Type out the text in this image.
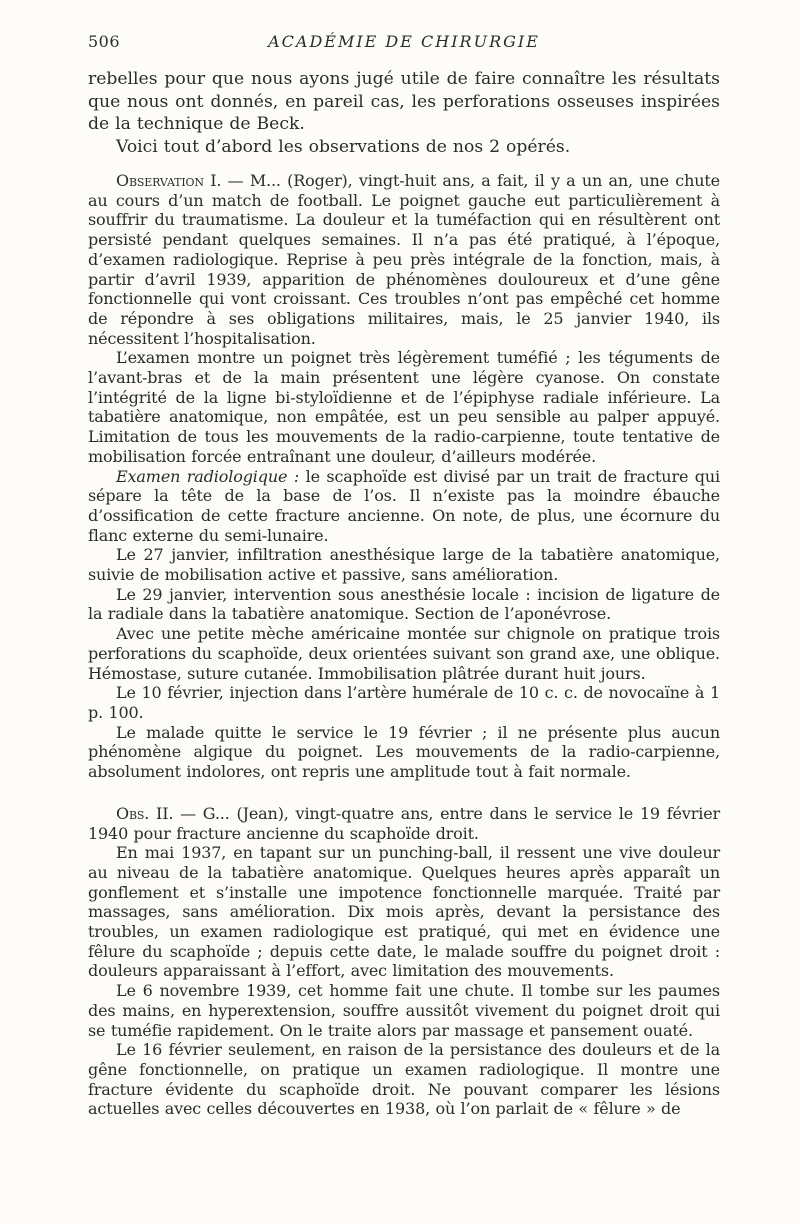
506	ACADÉMIE DE CHIRURGIE

rebelles pour que nous ayons jugé utile de faire connaître les résultats que nous ont donnés, en pareil cas, les perforations osseuses inspirées de la technique de Beck.

Voici tout d’abord les observations de nos 2 opérés.

Observation I. — M... (Roger), vingt-huit ans, a fait, il y a un an, une chute au cours d’un match de football. Le poignet gauche eut particulièrement à souffrir du traumatisme. La douleur et la tuméfaction qui en résultèrent ont persisté pendant quelques semaines. Il n’a pas été pratiqué, à l’époque, d’examen radiologique. Reprise à peu près intégrale de la fonction, mais, à partir d’avril 1939, apparition de phénomènes douloureux et d’une gêne fonctionnelle qui vont croissant. Ces troubles n’ont pas empêché cet homme de répondre à ses obligations militaires, mais, le 25 janvier 1940, ils nécessitent l’hospitalisation.

L’examen montre un poignet très légèrement tuméfié ; les téguments de l’avant-bras et de la main présentent une légère cyanose. On constate l’intégrité de la ligne bi-styloïdienne et de l’épiphyse radiale inférieure. La tabatière anatomique, non empâtée, est un peu sensible au palper appuyé. Limitation de tous les mouvements de la radio-carpienne, toute tentative de mobilisation forcée entraînant une douleur, d’ailleurs modérée.

Examen radiologique : le scaphoïde est divisé par un trait de fracture qui sépare la tête de la base de l’os. Il n’existe pas la moindre ébauche d’ossification de cette fracture ancienne. On note, de plus, une écornure du flanc externe du semi-lunaire.

Le 27 janvier, infiltration anesthésique large de la tabatière anatomique, suivie de mobilisation active et passive, sans amélioration.

Le 29 janvier, intervention sous anesthésie locale : incision de ligature de la radiale dans la tabatière anatomique. Section de l’aponévrose.

Avec une petite mèche américaine montée sur chignole on pratique trois perforations du scaphoïde, deux orientées suivant son grand axe, une oblique. Hémostase, suture cutanée. Immobilisation plâtrée durant huit jours.

Le 10 février, injection dans l’artère humérale de 10 c. c. de novocaïne à 1 p. 100.

Le malade quitte le service le 19 février ; il ne présente plus aucun phénomène algique du poignet. Les mouvements de la radio-carpienne, absolument indolores, ont repris une amplitude tout à fait normale.

Obs. II. — G... (Jean), vingt-quatre ans, entre dans le service le 19 février 1940 pour fracture ancienne du scaphoïde droit.

En mai 1937, en tapant sur un punching-ball, il ressent une vive douleur au niveau de la tabatière anatomique. Quelques heures après apparaît un gonflement et s’installe une impotence fonctionnelle marquée. Traité par massages, sans amélioration. Dix mois après, devant la persistance des troubles, un examen radiologique est pratiqué, qui met en évidence une fêlure du scaphoïde ; depuis cette date, le malade souffre du poignet droit : douleurs apparaissant à l’effort, avec limitation des mouvements.

Le 6 novembre 1939, cet homme fait une chute. Il tombe sur les paumes des mains, en hyperextension, souffre aussitôt vivement du poignet droit qui se tuméfie rapidement. On le traite alors par massage et pansement ouaté.

Le 16 février seulement, en raison de la persistance des douleurs et de la gêne fonctionnelle, on pratique un examen radiologique. Il montre une fracture évidente du scaphoïde droit. Ne pouvant comparer les lésions actuelles avec celles découvertes en 1938, où l’on parlait de « fêlure » de
